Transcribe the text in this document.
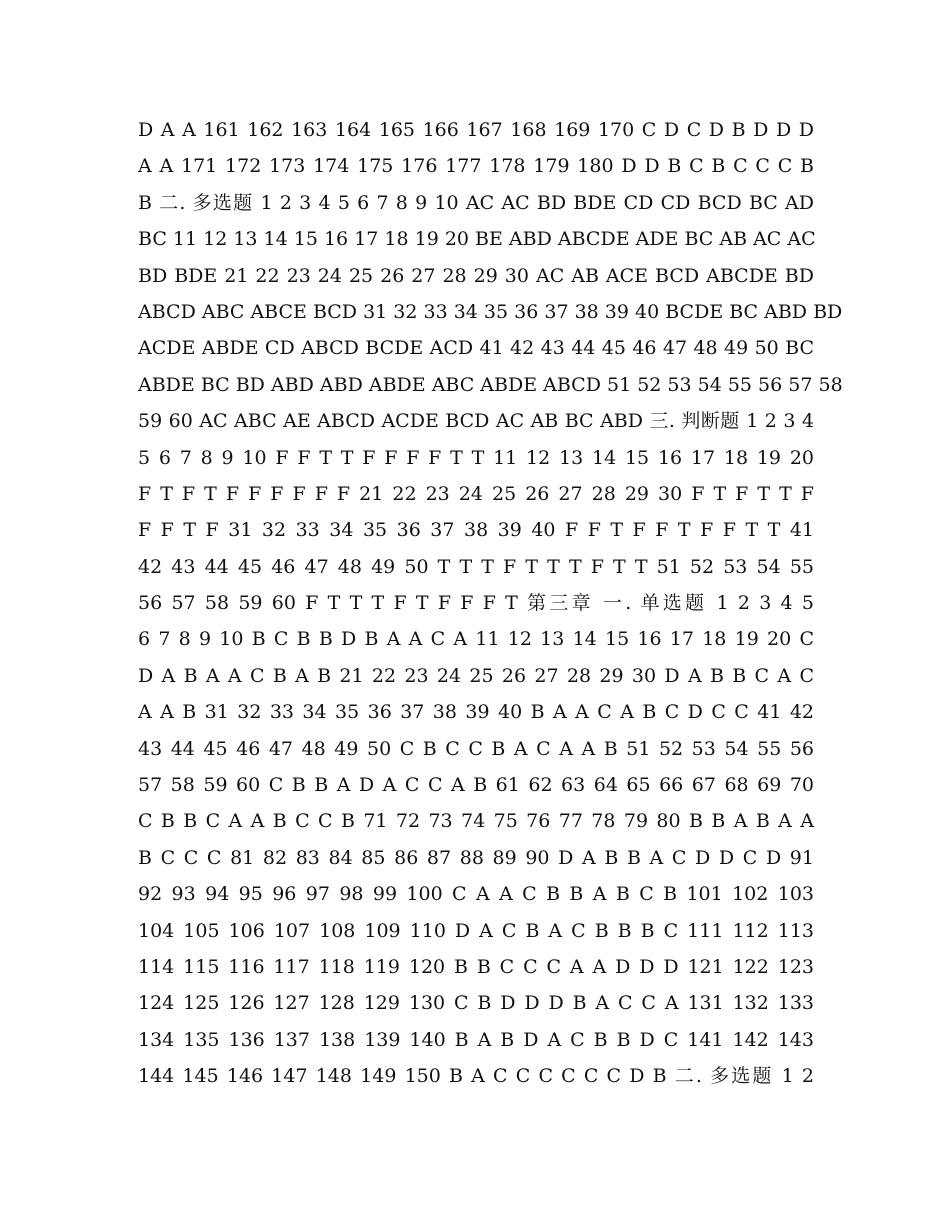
D A A 161 162 163 164 165 166 167 168 169 170 C D C D B D D D
A A 171 172 173 174 175 176 177 178 179 180 D D B C B C C C B
B 二. 多选题 1 2 3 4 5 6 7 8 9 10 AC AC BD BDE CD CD BCD BC AD
BC 11 12 13 14 15 16 17 18 19 20 BE ABD ABCDE ADE BC AB AC AC
BD BDE 21 22 23 24 25 26 27 28 29 30 AC AB ACE BCD ABCDE BD
ABCD ABC ABCE BCD 31 32 33 34 35 36 37 38 39 40 BCDE BC ABD BD
ACDE ABDE CD ABCD BCDE ACD 41 42 43 44 45 46 47 48 49 50 BC
ABDE BC BD ABD ABD ABDE ABC ABDE ABCD 51 52 53 54 55 56 57 58
59 60 AC ABC AE ABCD ACDE BCD AC AB BC ABD 三. 判断题 1 2 3 4
5 6 7 8 9 10 F F T T F F F F T T 11 12 13 14 15 16 17 18 19 20
F T F T F F F F F F 21 22 23 24 25 26 27 28 29 30 F T F T T F
F F T F 31 32 33 34 35 36 37 38 39 40 F F T F F T F F T T 41
42 43 44 45 46 47 48 49 50 T T T F T T T F T T 51 52 53 54 55
56 57 58 59 60 F T T T F T F F F T 第三章 一. 单选题 1 2 3 4 5
6 7 8 9 10 B C B B D B A A C A 11 12 13 14 15 16 17 18 19 20 C
D A B A A C B A B 21 22 23 24 25 26 27 28 29 30 D A B B C A C
A A B 31 32 33 34 35 36 37 38 39 40 B A A C A B C D C C 41 42
43 44 45 46 47 48 49 50 C B C C B A C A A B 51 52 53 54 55 56
57 58 59 60 C B B A D A C C A B 61 62 63 64 65 66 67 68 69 70
C B B C A A B C C B 71 72 73 74 75 76 77 78 79 80 B B A B A A
B C C C 81 82 83 84 85 86 87 88 89 90 D A B B A C D D C D 91
92 93 94 95 96 97 98 99 100 C A A C B B A B C B 101 102 103
104 105 106 107 108 109 110 D A C B A C B B B C 111 112 113
114 115 116 117 118 119 120 B B C C C A A D D D 121 122 123
124 125 126 127 128 129 130 C B D D D B A C C A 131 132 133
134 135 136 137 138 139 140 B A B D A C B B D C 141 142 143
144 145 146 147 148 149 150 B A C C C C C C D B 二. 多选题 1 2
